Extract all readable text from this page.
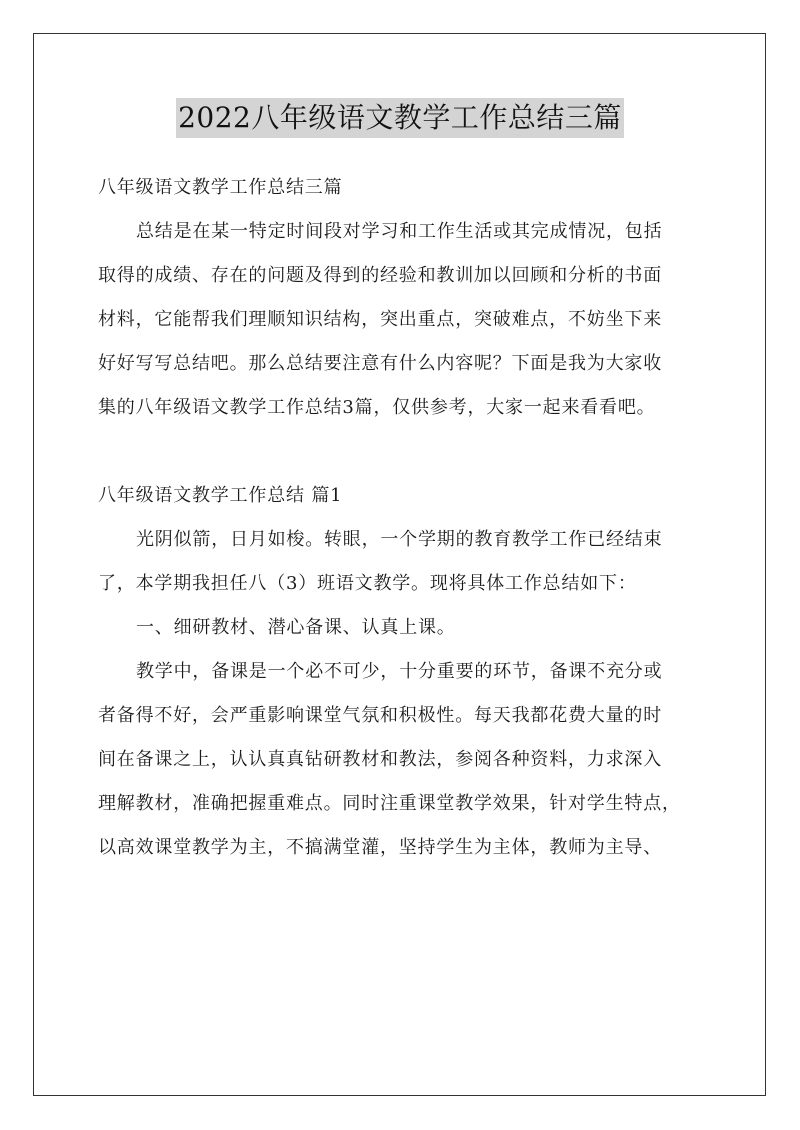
2022八年级语文教学工作总结三篇
八年级语文教学工作总结三篇
总结是在某一特定时间段对学习和工作生活或其完成情况，包括
取得的成绩、存在的问题及得到的经验和教训加以回顾和分析的书面
材料，它能帮我们理顺知识结构，突出重点，突破难点，不妨坐下来
好好写写总结吧。那么总结要注意有什么内容呢？下面是我为大家收
集的八年级语文教学工作总结3篇，仅供参考，大家一起来看看吧。
八年级语文教学工作总结 篇1
光阴似箭，日月如梭。转眼，一个学期的教育教学工作已经结束
了，本学期我担任八（3）班语文教学。现将具体工作总结如下：
一、细研教材、潜心备课、认真上课。
教学中，备课是一个必不可少，十分重要的环节，备课不充分或
者备得不好，会严重影响课堂气氛和积极性。每天我都花费大量的时
间在备课之上，认认真真钻研教材和教法，参阅各种资料，力求深入
理解教材，准确把握重难点。同时注重课堂教学效果，针对学生特点，
以高效课堂教学为主，不搞满堂灌，坚持学生为主体，教师为主导、
